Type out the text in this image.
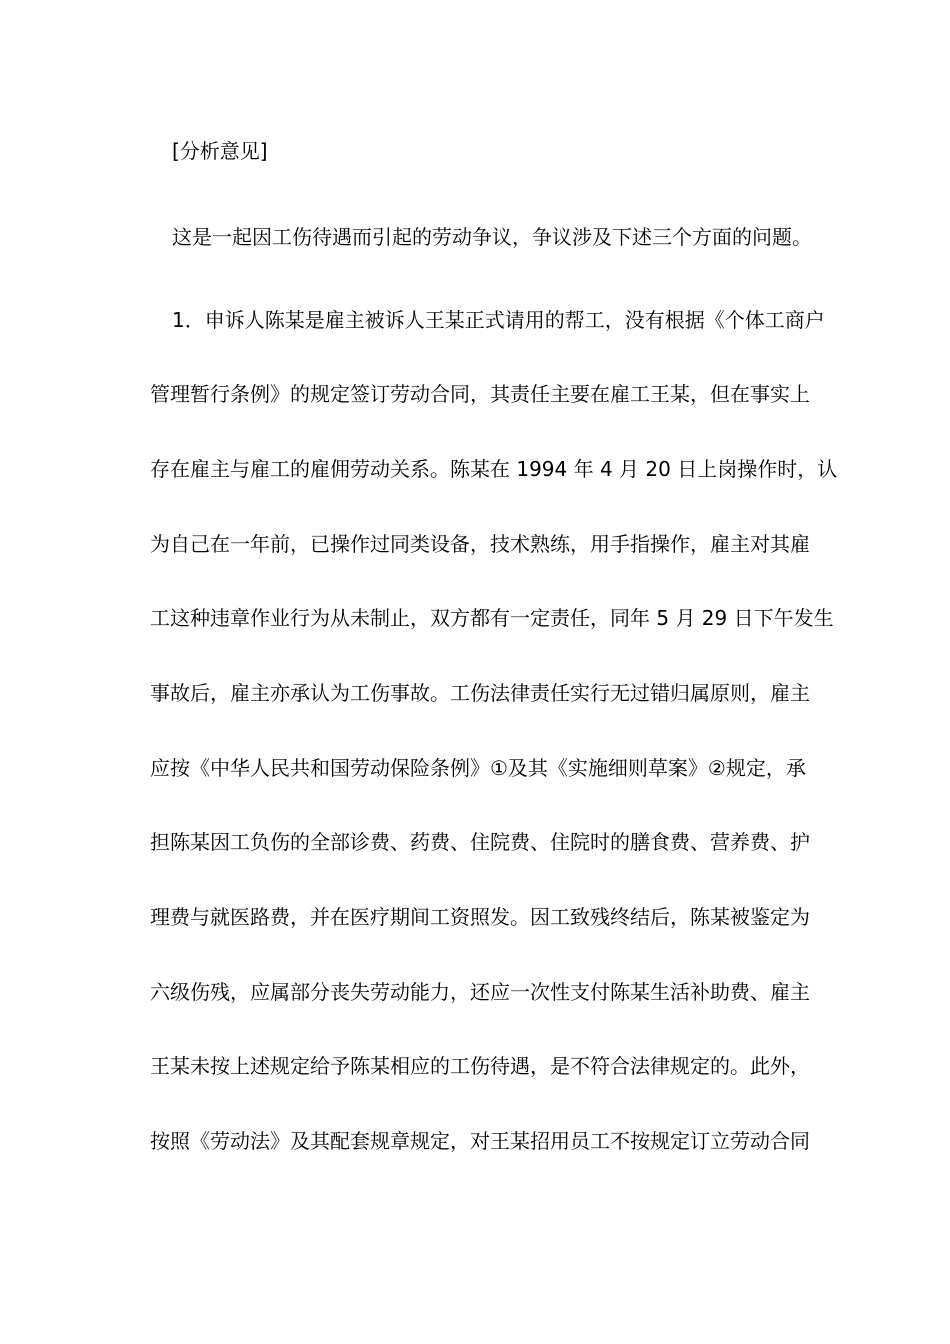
[分析意见]
这是一起因工伤待遇而引起的劳动争议，争议涉及下述三个方面的问题。
1．申诉人陈某是雇主被诉人王某正式请用的帮工，没有根据《个体工商户
管理暂行条例》的规定签订劳动合同，其责任主要在雇工王某，但在事实上
存在雇主与雇工的雇佣劳动关系。陈某在 1994 年 4 月 20 日上岗操作时，认
为自己在一年前，已操作过同类设备，技术熟练，用手指操作，雇主对其雇
工这种违章作业行为从未制止，双方都有一定责任，同年 5 月 29 日下午发生
事故后，雇主亦承认为工伤事故。工伤法律责任实行无过错归属原则，雇主
应按《中华人民共和国劳动保险条例》①及其《实施细则草案》②规定，承
担陈某因工负伤的全部诊费、药费、住院费、住院时的膳食费、营养费、护
理费与就医路费，并在医疗期间工资照发。因工致残终结后，陈某被鉴定为
六级伤残，应属部分丧失劳动能力，还应一次性支付陈某生活补助费、雇主
王某未按上述规定给予陈某相应的工伤待遇，是不符合法律规定的。此外，
按照《劳动法》及其配套规章规定，对王某招用员工不按规定订立劳动合同
